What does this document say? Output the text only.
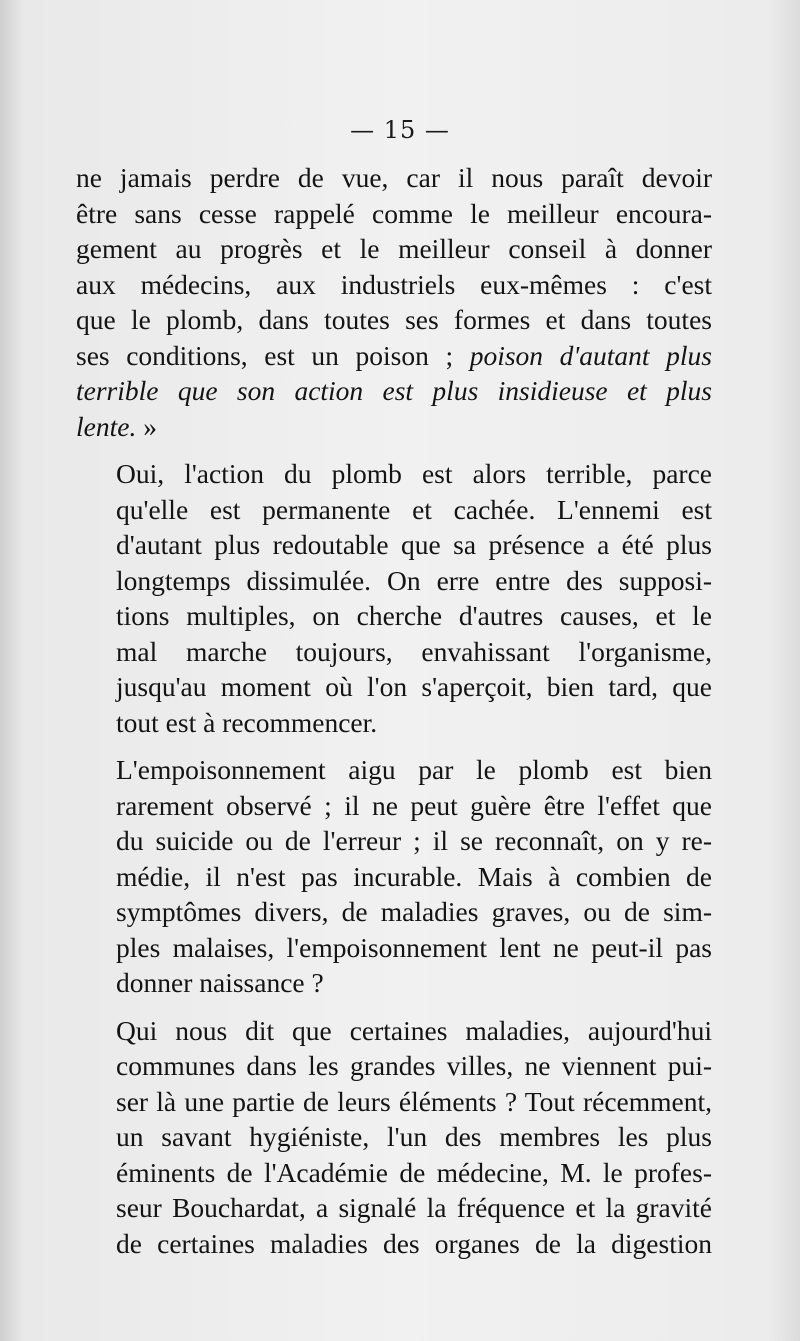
— 15 —

ne jamais perdre de vue, car il nous paraît devoir
être sans cesse rappelé comme le meilleur encoura-
gement au progrès et le meilleur conseil à donner
aux médecins, aux industriels eux-mêmes : c'est
que le plomb, dans toutes ses formes et dans toutes
ses conditions, est un poison ; poison d'autant plus
terrible que son action est plus insidieuse et plus
lente. »

Oui, l'action du plomb est alors terrible, parce
qu'elle est permanente et cachée. L'ennemi est
d'autant plus redoutable que sa présence a été plus
longtemps dissimulée. On erre entre des supposi-
tions multiples, on cherche d'autres causes, et le
mal marche toujours, envahissant l'organisme,
jusqu'au moment où l'on s'aperçoit, bien tard, que
tout est à recommencer.

L'empoisonnement aigu par le plomb est bien
rarement observé ; il ne peut guère être l'effet que
du suicide ou de l'erreur ; il se reconnaît, on y re-
médie, il n'est pas incurable. Mais à combien de
symptômes divers, de maladies graves, ou de sim-
ples malaises, l'empoisonnement lent ne peut-il pas
donner naissance ?

Qui nous dit que certaines maladies, aujourd'hui
communes dans les grandes villes, ne viennent pui-
ser là une partie de leurs éléments ? Tout récemment,
un savant hygiéniste, l'un des membres les plus
éminents de l'Académie de médecine, M. le profes-
seur Bouchardat, a signalé la fréquence et la gravité
de certaines maladies des organes de la digestion
